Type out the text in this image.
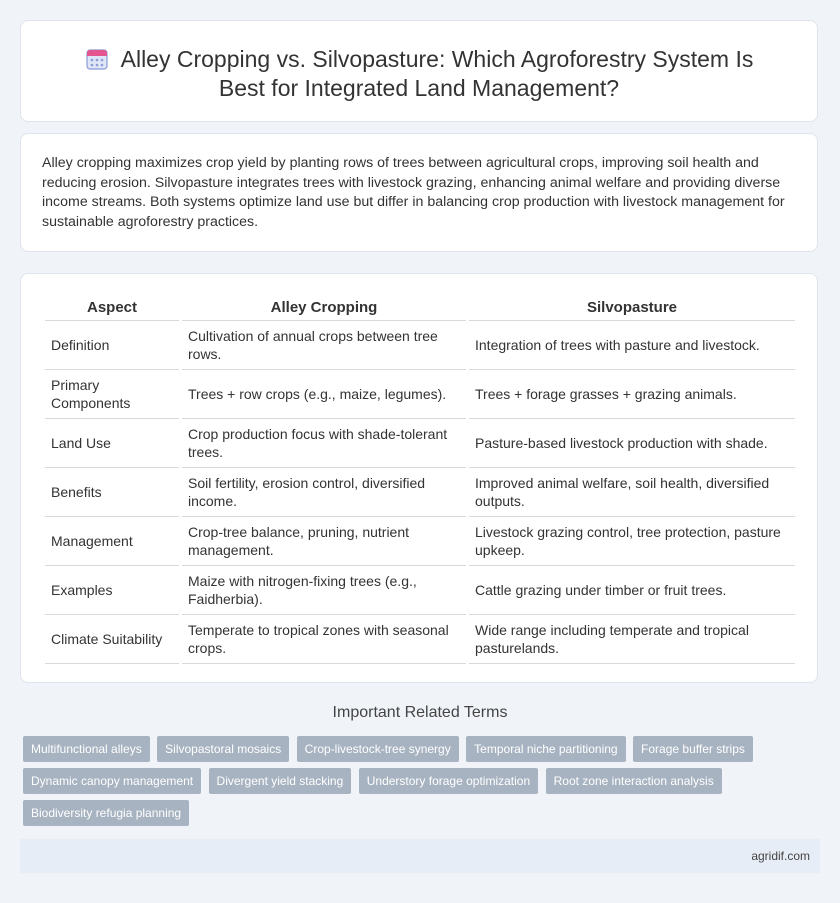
Alley Cropping vs. Silvopasture: Which Agroforestry System Is Best for Integrated Land Management?
Alley cropping maximizes crop yield by planting rows of trees between agricultural crops, improving soil health and reducing erosion. Silvopasture integrates trees with livestock grazing, enhancing animal welfare and providing diverse income streams. Both systems optimize land use but differ in balancing crop production with livestock management for sustainable agroforestry practices.
Aspect	Alley Cropping	Silvopasture
Definition	Cultivation of annual crops between tree rows.	Integration of trees with pasture and livestock.
Primary Components	Trees + row crops (e.g., maize, legumes).	Trees + forage grasses + grazing animals.
Land Use	Crop production focus with shade-tolerant trees.	Pasture-based livestock production with shade.
Benefits	Soil fertility, erosion control, diversified income.	Improved animal welfare, soil health, diversified outputs.
Management	Crop-tree balance, pruning, nutrient management.	Livestock grazing control, tree protection, pasture upkeep.
Examples	Maize with nitrogen-fixing trees (e.g., Faidherbia).	Cattle grazing under timber or fruit trees.
Climate Suitability	Temperate to tropical zones with seasonal crops.	Wide range including temperate and tropical pasturelands.
Important Related Terms
Multifunctional alleys Silvopastoral mosaics Crop-livestock-tree synergy Temporal niche partitioning Forage buffer strips Dynamic canopy management Divergent yield stacking Understory forage optimization Root zone interaction analysis Biodiversity refugia planning
agridif.com
